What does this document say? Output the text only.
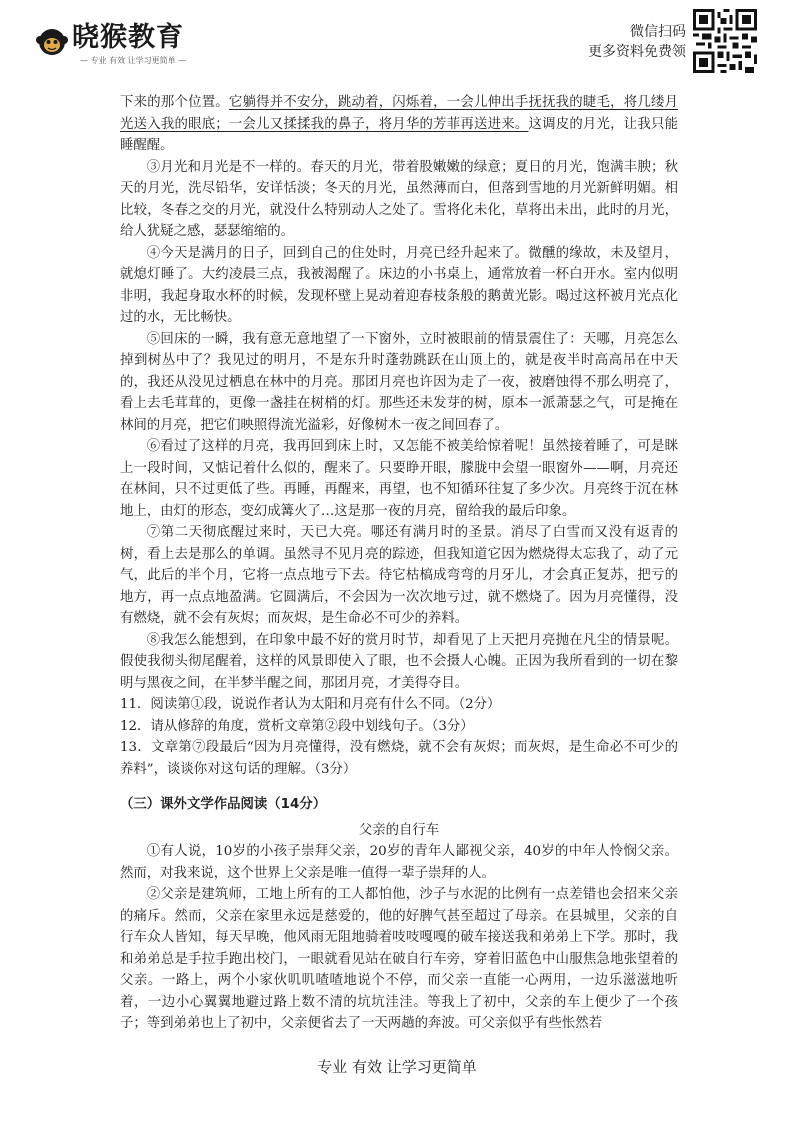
晓猴教育
— 专业 有效 让学习更简单 —
微信扫码
更多资料免费领

下来的那个位置。它躺得并不安分，跳动着，闪烁着，一会儿伸出手抚抚我的睫毛，将几缕月光送入我的眼底；一会儿又揉揉我的鼻子，将月华的芳菲再送进来。这调皮的月光，让我只能睡醒醒。

③月光和月光是不一样的。春天的月光，带着股嫩嫩的绿意；夏日的月光，饱满丰腴；秋天的月光，洗尽铅华，安详恬淡；冬天的月光，虽然薄而白，但落到雪地的月光新鲜明媚。相比较，冬春之交的月光，就没什么特别动人之处了。雪将化未化，草将出未出，此时的月光，给人犹疑之感，瑟瑟缩缩的。

④今天是满月的日子，回到自己的住处时，月亮已经升起来了。微醺的缘故，未及望月，就熄灯睡了。大约凌晨三点，我被渴醒了。床边的小书桌上，通常放着一杯白开水。室内似明非明，我起身取水杯的时候，发现杯壁上晃动着迎春枝条般的鹅黄光影。喝过这杯被月光点化过的水，无比畅快。

⑤回床的一瞬，我有意无意地望了一下窗外，立时被眼前的情景震住了：天哪，月亮怎么掉到树丛中了？我见过的明月，不是东升时蓬勃跳跃在山顶上的，就是夜半时高高吊在中天的，我还从没见过栖息在林中的月亮。那团月亮也许因为走了一夜，被磨蚀得不那么明亮了，看上去毛茸茸的，更像一盏挂在树梢的灯。那些还未发芽的树，原本一派萧瑟之气，可是掩在林间的月亮，把它们映照得流光溢彩，好像树木一夜之间回春了。

⑥看过了这样的月亮，我再回到床上时，又怎能不被美给惊着呢！虽然接着睡了，可是眯上一段时间，又惦记着什么似的，醒来了。只要睁开眼，朦胧中会望一眼窗外——啊，月亮还在林间，只不过更低了些。再睡，再醒来，再望，也不知循环往复了多少次。月亮终于沉在林地上，由灯的形态，变幻成篝火了…这是那一夜的月亮，留给我的最后印象。

⑦第二天彻底醒过来时，天已大亮。哪还有满月时的圣景。消尽了白雪而又没有返青的树，看上去是那么的单调。虽然寻不见月亮的踪迹，但我知道它因为燃烧得太忘我了，动了元气，此后的半个月，它将一点点地亏下去。待它枯槁成弯弯的月牙儿，才会真正复苏，把亏的地方，再一点点地盈满。它圆满后，不会因为一次次地亏过，就不燃烧了。因为月亮懂得，没有燃烧，就不会有灰烬；而灰烬，是生命必不可少的养料。

⑧我怎么能想到，在印象中最不好的赏月时节，却看见了上天把月亮抛在凡尘的情景呢。假使我彻头彻尾醒着，这样的风景即使入了眼，也不会摄人心魄。正因为我所看到的一切在黎明与黑夜之间，在半梦半醒之间，那团月亮，才美得夺目。

11．阅读第①段，说说作者认为太阳和月亮有什么不同。（2分）

12．请从修辞的角度，赏析文章第②段中划线句子。（3分）

13．文章第⑦段最后“因为月亮懂得，没有燃烧，就不会有灰烬；而灰烬，是生命必不可少的养料”，谈谈你对这句话的理解。（3分）

（三）课外文学作品阅读（14分）

父亲的自行车

①有人说，10岁的小孩子崇拜父亲，20岁的青年人鄙视父亲，40岁的中年人怜悯父亲。然而，对我来说，这个世界上父亲是唯一值得一辈子崇拜的人。

②父亲是建筑师，工地上所有的工人都怕他，沙子与水泥的比例有一点差错也会招来父亲的痛斥。然而，父亲在家里永远是慈爱的，他的好脾气甚至超过了母亲。在县城里，父亲的自行车众人皆知，每天早晚，他风雨无阻地骑着吱吱嘎嘎的破车接送我和弟弟上下学。那时，我和弟弟总是手拉手跑出校门，一眼就看见站在破自行车旁，穿着旧蓝色中山服焦急地张望着的父亲。一路上，两个小家伙叽叽喳喳地说个不停，而父亲一直能一心两用，一边乐滋滋地听着，一边小心翼翼地避过路上数不清的坑坑洼洼。等我上了初中，父亲的车上便少了一个孩子；等到弟弟也上了初中，父亲便省去了一天两趟的奔波。可父亲似乎有些怅然若

专业 有效 让学习更简单
